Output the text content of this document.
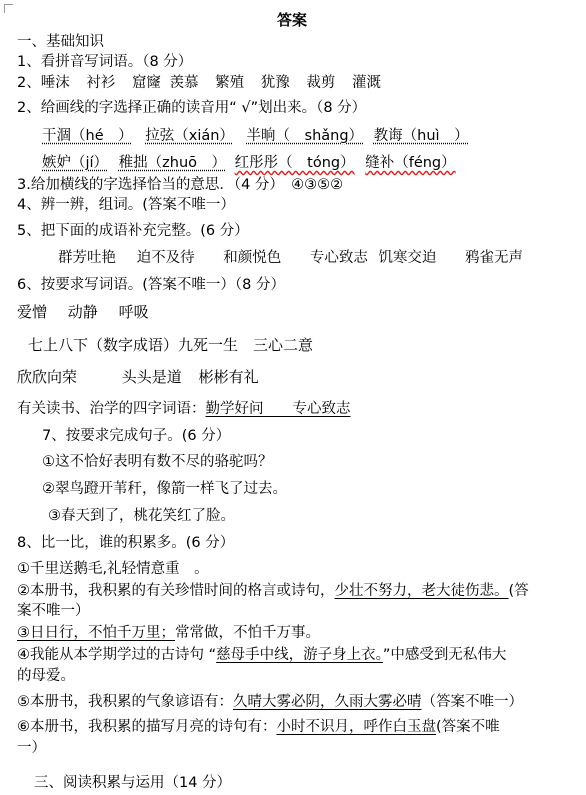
答案
一、基础知识
1、看拼音写词语。（8 分）
2、唾沫 衬衫 窟窿 羡慕 繁殖 犹豫 裁剪 灌溉
2、给画线的字选择正确的读音用“ √”划出来。（8 分）
干涸（hé　） 拉弦（xián） 半晌（　shǎng） 教诲（huì　）
嫉妒（jí） 稚拙（zhuō　） 红彤彤（　tóng） 缝补（féng）
3.给加横线的字选择恰当的意思．（4 分）　④③⑤②
4、辨一辨，组词。(答案不唯一）
5、把下面的成语补充完整。(6 分）
群芳吐艳 迫不及待 和颜悦色 专心致志 饥寒交迫 鸦雀无声
6、按要求写词语。(答案不唯一）（8 分）
爱憎 动静 呼吸
七上八下（数字成语）九死一生　三心二意
欣欣向荣	头头是道 彬彬有礼
有关读书、治学的四字词语：勤学好问　　专心致志
7、按要求完成句子。(6 分）
①这不恰好表明有数不尽的骆驼吗？
②翠鸟蹬开苇秆，像箭一样飞了过去。
③春天到了，桃花笑红了脸。
8、比一比，谁的积累多。(6 分）
①千里送鹅毛,礼轻情意重　。
②本册书，我积累的有关珍惜时间的格言或诗句，少壮不努力，老大徒伤悲。(答
案不唯一）
③日日行，不怕千万里；常常做，不怕千万事。
④我能从本学期学过的古诗句 “慈母手中线，游子身上衣。”中感受到无私伟大
的母爱。
⑤本册书，我积累的气象谚语有：久晴大雾必阴，久雨大雾必晴（答案不唯一）
⑥本册书，我积累的描写月亮的诗句有：小时不识月，呼作白玉盘(答案不唯
一）
三、阅读积累与运用（14 分）
